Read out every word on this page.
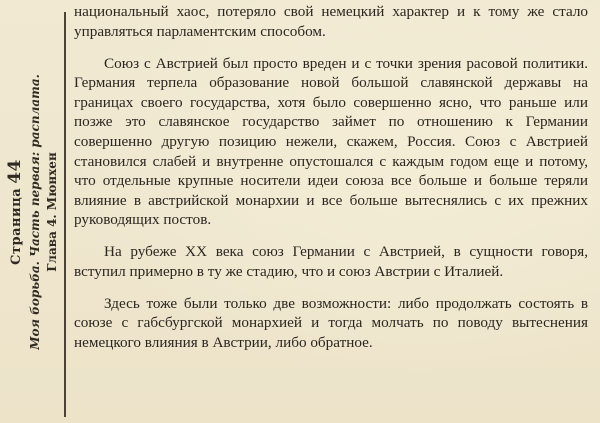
Страница44 Моя борьба. Часть первая: расплата. Глава 4. Мюнхен

национальный хаос, потеряло свой немецкий характер и к тому же стало управляться парламентским способом.

Союз с Австрией был просто вреден и с точки зрения расовой политики. Германия терпела образование новой большой славянской державы на границах своего государства, хотя было совершенно ясно, что раньше или позже это славянское государство займет по отношению к Германии совершенно другую позицию нежели, скажем, Россия. Союз с Австрией становился слабей и внутренне опустошался с каждым годом еще и потому, что отдельные крупные носители идеи союза все больше и больше теряли влияние в австрийской монархии и все больше вытеснялись с их прежних руководящих постов.

На рубеже XX века союз Германии с Австрией, в сущности говоря, вступил примерно в ту же стадию, что и союз Австрии с Италией.

Здесь тоже были только две возможности: либо продолжать состоять в союзе с габсбургской монархией и тогда молчать по поводу вытеснения немецкого влияния в Австрии, либо обратное.
